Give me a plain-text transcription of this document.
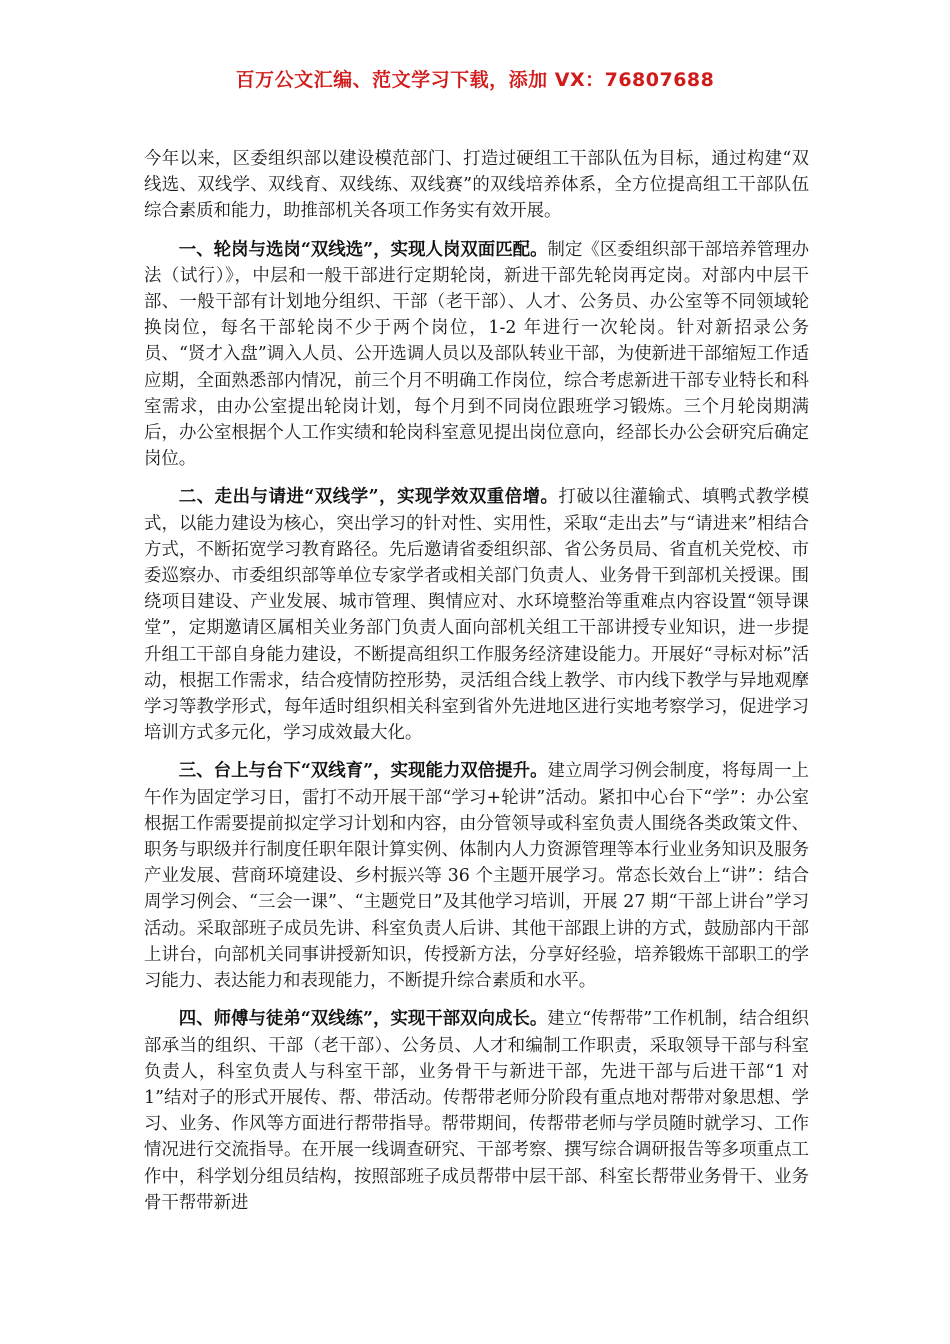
百万公文汇编、范文学习下载，添加 VX：76807688

今年以来，区委组织部以建设模范部门、打造过硬组工干部队伍为目标，通过构建“双线选、双线学、双线育、双线练、双线赛”的双线培养体系，全方位提高组工干部队伍综合素质和能力，助推部机关各项工作务实有效开展。

一、轮岗与选岗“双线选”，实现人岗双面匹配。制定《区委组织部干部培养管理办法（试行）》，中层和一般干部进行定期轮岗，新进干部先轮岗再定岗。对部内中层干部、一般干部有计划地分组织、干部（老干部）、人才、公务员、办公室等不同领域轮换岗位，每名干部轮岗不少于两个岗位，1-2 年进行一次轮岗。针对新招录公务员、“贤才入盘”调入人员、公开选调人员以及部队转业干部，为使新进干部缩短工作适应期，全面熟悉部内情况，前三个月不明确工作岗位，综合考虑新进干部专业特长和科室需求，由办公室提出轮岗计划，每个月到不同岗位跟班学习锻炼。三个月轮岗期满后，办公室根据个人工作实绩和轮岗科室意见提出岗位意向，经部长办公会研究后确定岗位。

二、走出与请进“双线学”，实现学效双重倍增。打破以往灌输式、填鸭式教学模式，以能力建设为核心，突出学习的针对性、实用性，采取“走出去”与“请进来”相结合方式，不断拓宽学习教育路径。先后邀请省委组织部、省公务员局、省直机关党校、市委巡察办、市委组织部等单位专家学者或相关部门负责人、业务骨干到部机关授课。围绕项目建设、产业发展、城市管理、舆情应对、水环境整治等重难点内容设置“领导课堂”，定期邀请区属相关业务部门负责人面向部机关组工干部讲授专业知识，进一步提升组工干部自身能力建设，不断提高组织工作服务经济建设能力。开展好“寻标对标”活动，根据工作需求，结合疫情防控形势，灵活组合线上教学、市内线下教学与异地观摩学习等教学形式，每年适时组织相关科室到省外先进地区进行实地考察学习，促进学习培训方式多元化，学习成效最大化。

三、台上与台下“双线育”，实现能力双倍提升。建立周学习例会制度，将每周一上午作为固定学习日，雷打不动开展干部“学习+轮讲”活动。紧扣中心台下“学”：办公室根据工作需要提前拟定学习计划和内容，由分管领导或科室负责人围绕各类政策文件、职务与职级并行制度任职年限计算实例、体制内人力资源管理等本行业业务知识及服务产业发展、营商环境建设、乡村振兴等 36 个主题开展学习。常态长效台上“讲”：结合周学习例会、“三会一课”、“主题党日”及其他学习培训，开展 27 期“干部上讲台”学习活动。采取部班子成员先讲、科室负责人后讲、其他干部跟上讲的方式，鼓励部内干部上讲台，向部机关同事讲授新知识，传授新方法，分享好经验，培养锻炼干部职工的学习能力、表达能力和表现能力，不断提升综合素质和水平。

四、师傅与徒弟“双线练”，实现干部双向成长。建立“传帮带”工作机制，结合组织部承当的组织、干部（老干部）、公务员、人才和编制工作职责，采取领导干部与科室负责人，科室负责人与科室干部，业务骨干与新进干部，先进干部与后进干部“1 对 1”结对子的形式开展传、帮、带活动。传帮带老师分阶段有重点地对帮带对象思想、学习、业务、作风等方面进行帮带指导。帮带期间，传帮带老师与学员随时就学习、工作情况进行交流指导。在开展一线调查研究、干部考察、撰写综合调研报告等多项重点工作中，科学划分组员结构，按照部班子成员帮带中层干部、科室长帮带业务骨干、业务骨干帮带新进
